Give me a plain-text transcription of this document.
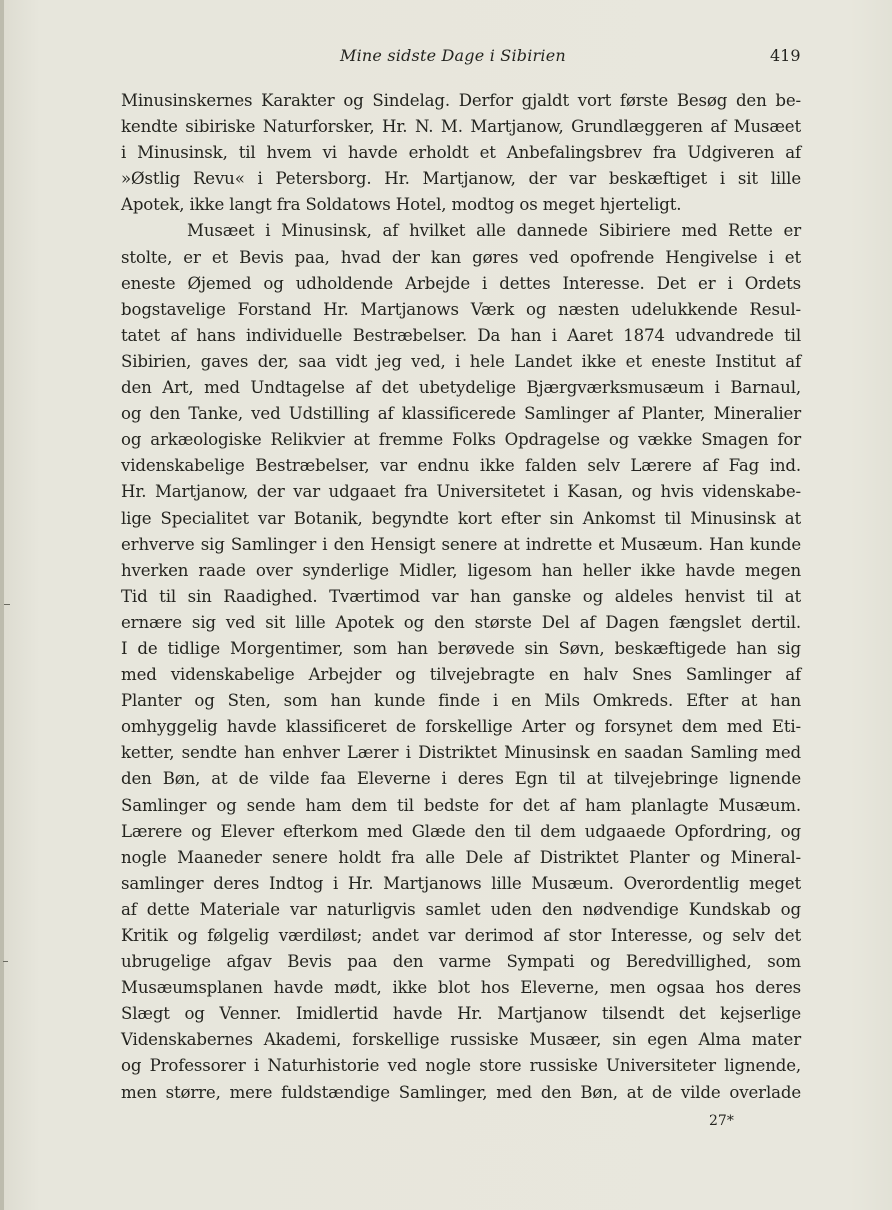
Mine sidste Dage i Sibirien	419
Minusinskernes Karakter og Sindelag. Derfor gjaldt vort første Besøg den be-
kendte sibiriske Naturforsker, Hr. N. M. Martjanow, Grundlæggeren af Musæet
i Minusinsk, til hvem vi havde erholdt et Anbefalingsbrev fra Udgiveren af
»Østlig Revu« i Petersborg. Hr. Martjanow, der var beskæftiget i sit lille
Apotek, ikke langt fra Soldatows Hotel, modtog os meget hjerteligt.
Musæet i Minusinsk, af hvilket alle dannede Sibiriere med Rette er
stolte, er et Bevis paa, hvad der kan gøres ved opofrende Hengivelse i et
eneste Øjemed og udholdende Arbejde i dettes Interesse. Det er i Ordets
bogstavelige Forstand Hr. Martjanows Værk og næsten udelukkende Resul-
tatet af hans individuelle Bestræbelser. Da han i Aaret 1874 udvandrede til
Sibirien, gaves der, saa vidt jeg ved, i hele Landet ikke et eneste Institut af
den Art, med Undtagelse af det ubetydelige Bjærgværksmusæum i Barnaul,
og den Tanke, ved Udstilling af klassificerede Samlinger af Planter, Mineralier
og arkæologiske Relikvier at fremme Folks Opdragelse og vække Smagen for
videnskabelige Bestræbelser, var endnu ikke falden selv Lærere af Fag ind.
Hr. Martjanow, der var udgaaet fra Universitetet i Kasan, og hvis videnskabe-
lige Specialitet var Botanik, begyndte kort efter sin Ankomst til Minusinsk at
erhverve sig Samlinger i den Hensigt senere at indrette et Musæum. Han kunde
hverken raade over synderlige Midler, ligesom han heller ikke havde megen
Tid til sin Raadighed. Tværtimod var han ganske og aldeles henvist til at
ernære sig ved sit lille Apotek og den største Del af Dagen fængslet dertil.
I de tidlige Morgentimer, som han berøvede sin Søvn, beskæftigede han sig
med videnskabelige Arbejder og tilvejebragte en halv Snes Samlinger af
Planter og Sten, som han kunde finde i en Mils Omkreds. Efter at han
omhyggelig havde klassificeret de forskellige Arter og forsynet dem med Eti-
ketter, sendte han enhver Lærer i Distriktet Minusinsk en saadan Samling med
den Bøn, at de vilde faa Eleverne i deres Egn til at tilvejebringe lignende
Samlinger og sende ham dem til bedste for det af ham planlagte Musæum.
Lærere og Elever efterkom med Glæde den til dem udgaaede Opfordring, og
nogle Maaneder senere holdt fra alle Dele af Distriktet Planter og Mineral-
samlinger deres Indtog i Hr. Martjanows lille Musæum. Overordentlig meget
af dette Materiale var naturligvis samlet uden den nødvendige Kundskab og
Kritik og følgelig værdiløst; andet var derimod af stor Interesse, og selv det
ubrugelige afgav Bevis paa den varme Sympati og Beredvillighed, som
Musæumsplanen havde mødt, ikke blot hos Eleverne, men ogsaa hos deres
Slægt og Venner. Imidlertid havde Hr. Martjanow tilsendt det kejserlige
Videnskabernes Akademi, forskellige russiske Musæer, sin egen Alma mater
og Professorer i Naturhistorie ved nogle store russiske Universiteter lignende,
men større, mere fuldstændige Samlinger, med den Bøn, at de vilde overlade
27*
